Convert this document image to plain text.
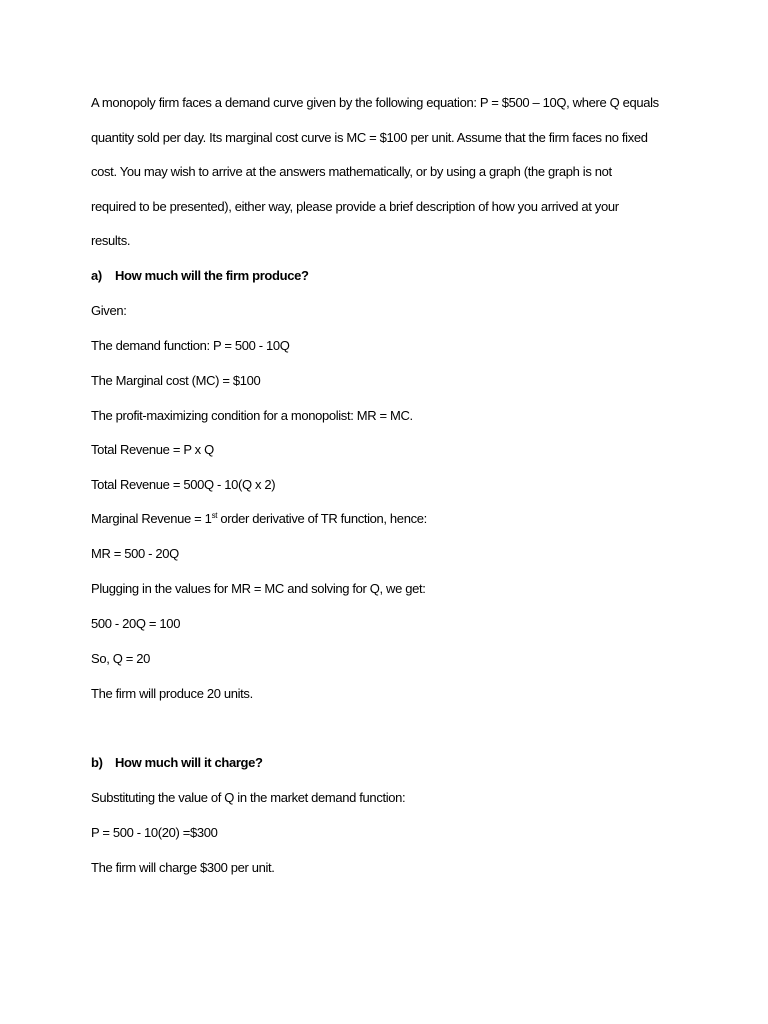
A monopoly firm faces a demand curve given by the following equation: P = $500 – 10Q, where Q equals
quantity sold per day. Its marginal cost curve is MC = $100 per unit. Assume that the firm faces no fixed
cost. You may wish to arrive at the answers mathematically, or by using a graph (the graph is not
required to be presented), either way, please provide a brief description of how you arrived at your
results.
a) How much will the firm produce?
Given:
The demand function: P = 500 - 10Q
The Marginal cost (MC) = $100
The profit-maximizing condition for a monopolist: MR = MC.
Total Revenue = P x Q
Total Revenue = 500Q - 10(Q x 2)
Marginal Revenue = 1st order derivative of TR function, hence:
MR = 500 - 20Q
Plugging in the values for MR = MC and solving for Q, we get:
500 - 20Q = 100
So, Q = 20
The firm will produce 20 units.
b) How much will it charge?
Substituting the value of Q in the market demand function:
P = 500 - 10(20) =$300
The firm will charge $300 per unit.
